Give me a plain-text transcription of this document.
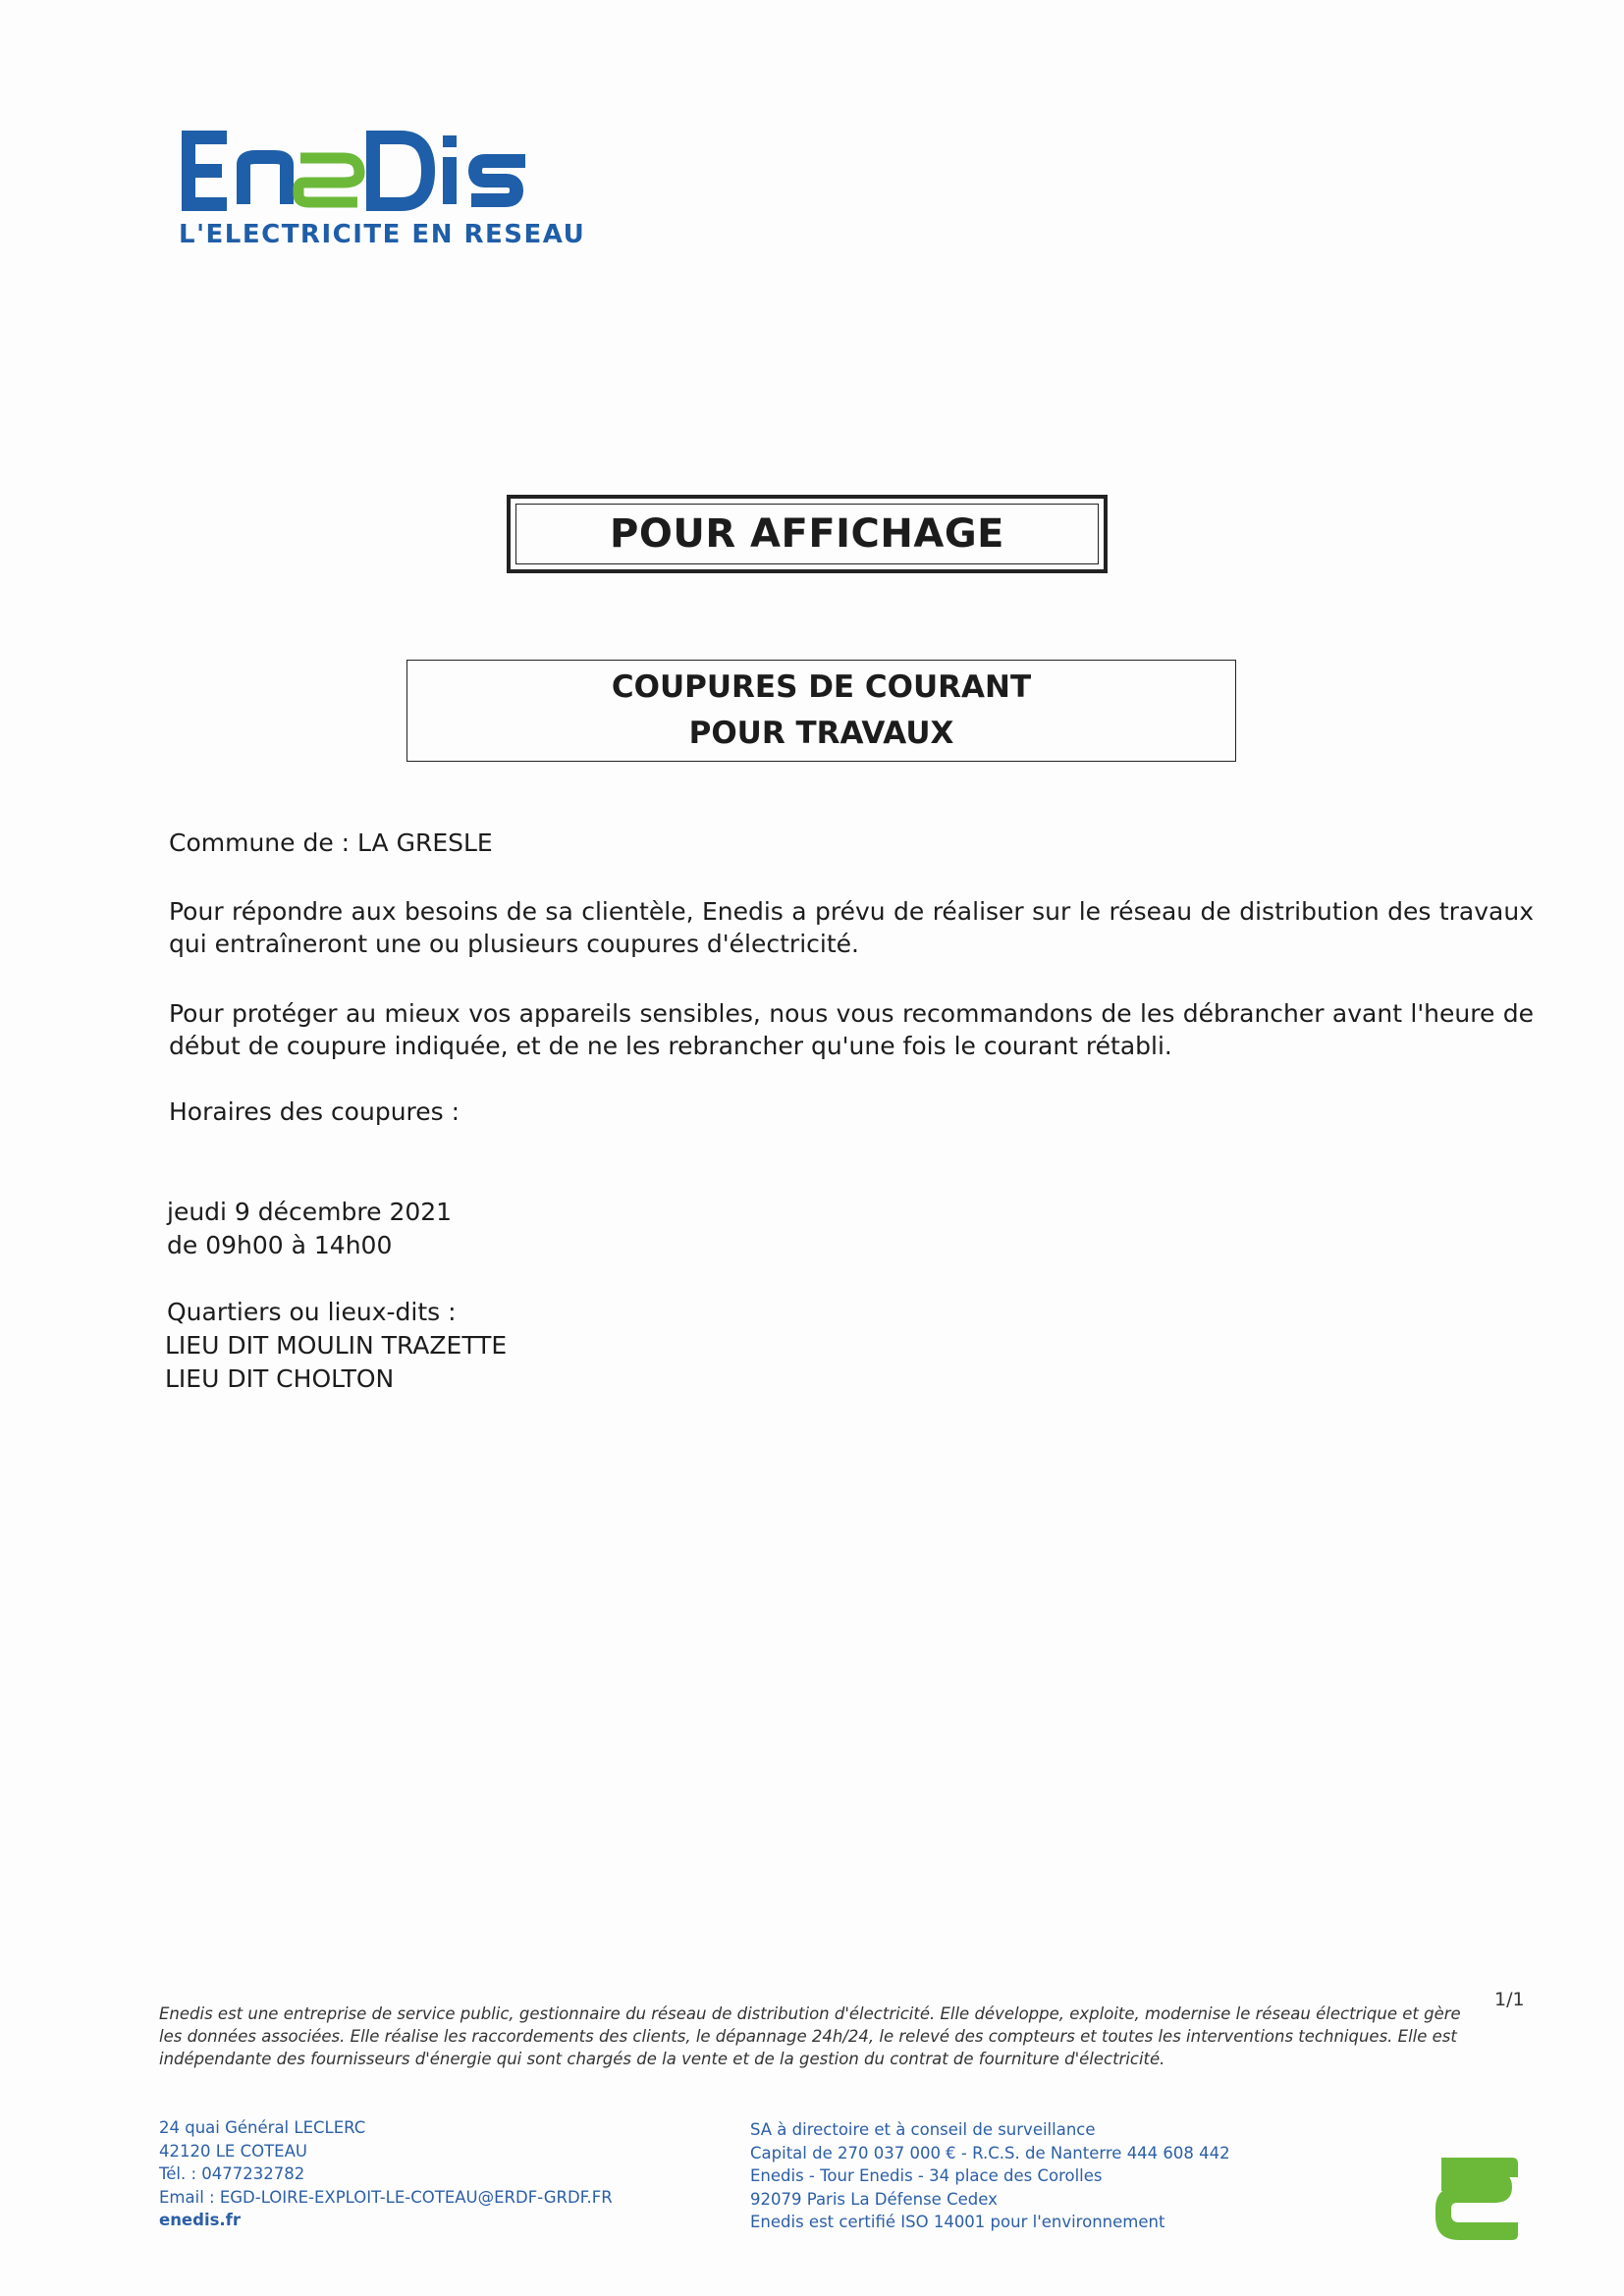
L'ELECTRICITE EN RESEAU
POUR AFFICHAGE
COUPURES DE COURANT
POUR TRAVAUX
Commune de : LA GRESLE
Pour répondre aux besoins de sa clientèle, Enedis a prévu de réaliser sur le réseau de distribution des travaux qui entraîneront une ou plusieurs coupures d'électricité.
Pour protéger au mieux vos appareils sensibles, nous vous recommandons de les débrancher avant l'heure de début de coupure indiquée, et de ne les rebrancher qu'une fois le courant rétabli.
Horaires des coupures :
jeudi 9 décembre 2021
de 09h00 à 14h00
Quartiers ou lieux-dits :
LIEU DIT MOULIN TRAZETTE
LIEU DIT CHOLTON
1/1
Enedis est une entreprise de service public, gestionnaire du réseau de distribution d'électricité. Elle développe, exploite, modernise le réseau électrique et gère les données associées. Elle réalise les raccordements des clients, le dépannage 24h/24, le relevé des compteurs et toutes les interventions techniques. Elle est indépendante des fournisseurs d'énergie qui sont chargés de la vente et de la gestion du contrat de fourniture d'électricité.
24 quai Général LECLERC
42120 LE COTEAU
Tél. : 0477232782
Email : EGD-LOIRE-EXPLOIT-LE-COTEAU@ERDF-GRDF.FR
enedis.fr
SA à directoire et à conseil de surveillance
Capital de 270 037 000 € - R.C.S. de Nanterre 444 608 442
Enedis - Tour Enedis - 34 place des Corolles
92079 Paris La Défense Cedex
Enedis est certifié ISO 14001 pour l'environnement
